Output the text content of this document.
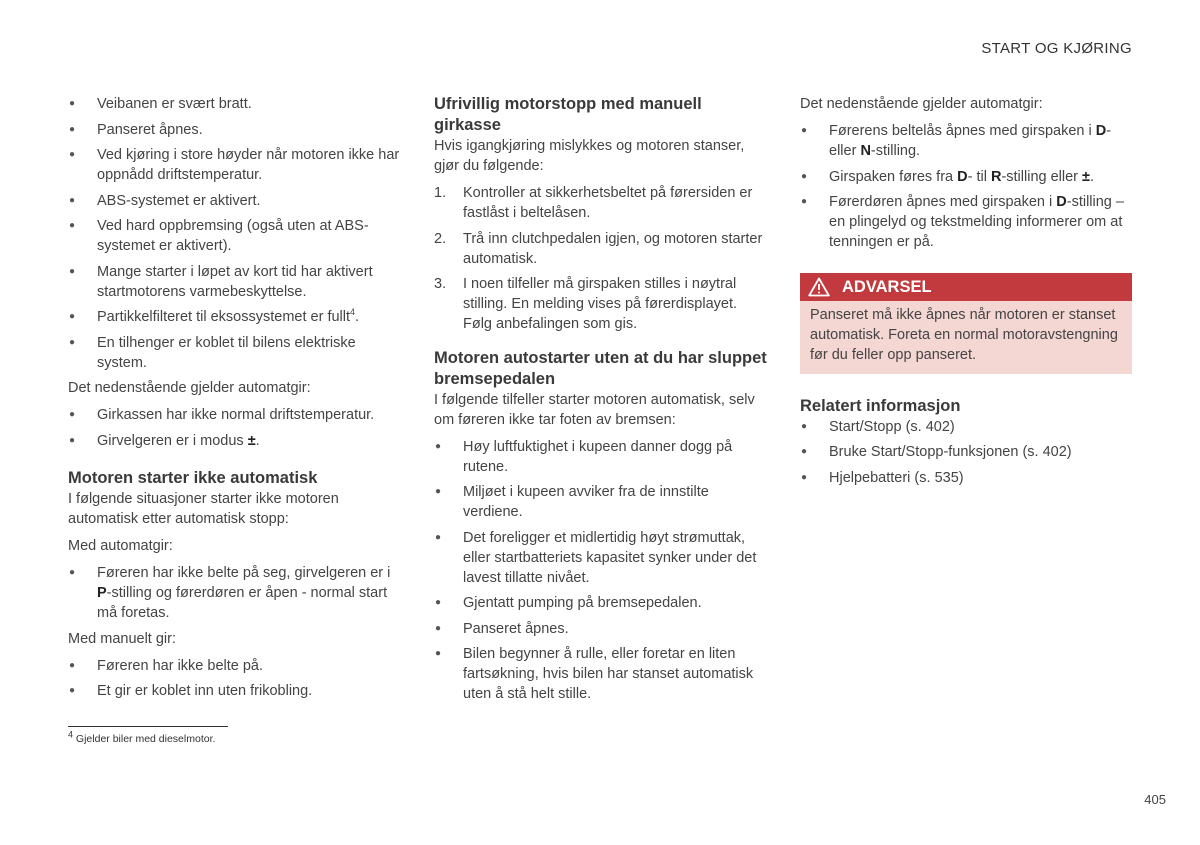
START OG KJØRING
● Veibanen er svært bratt.
● Panseret åpnes.
● Ved kjøring i store høyder når motoren ikke har oppnådd driftstemperatur.
● ABS-systemet er aktivert.
● Ved hard oppbremsing (også uten at ABS-systemet er aktivert).
● Mange starter i løpet av kort tid har aktivert startmotorens varmebeskyttelse.
● Partikkelfilteret til eksossystemet er fullt$^4$.
● En tilhenger er koblet til bilens elektriske system.

Det nedenstående gjelder automatgir:

● Girkassen har ikke normal driftstemperatur.
● Girvelgeren er i modus ±.
Motoren starter ikke automatisk

I følgende situasjoner starter ikke motoren automatisk etter automatisk stopp:

Med automatgir:

● Føreren har ikke belte på seg, girvelgeren er i P-stilling og førerdøren er åpen - normal start må foretas.

Med manuelt gir:

● Føreren har ikke belte på.
● Et gir er koblet inn uten frikobling.
Ufrivillig motorstopp med manuell girkasse

Hvis igangkjøring mislykkes og motoren stanser, gjør du følgende:

1. Kontroller at sikkerhetsbeltet på førersiden er fastlåst i beltelåsen.
2. Trå inn clutchpedalen igjen, og motoren starter automatisk.
3. I noen tilfeller må girspaken stilles i nøytral stilling. En melding vises på førerdisplayet. Følg anbefalingen som gis.
Motoren autostarter uten at du har sluppet bremsepedalen

I følgende tilfeller starter motoren automatisk, selv om føreren ikke tar foten av bremsen:

● Høy luftfuktighet i kupeen danner dogg på rutene.
● Miljøet i kupeen avviker fra de innstilte verdiene.
● Det foreligger et midlertidig høyt strømuttak, eller startbatteriets kapasitet synker under det lavest tillatte nivået.
● Gjentatt pumping på bremsepedalen.
● Panseret åpnes.
● Bilen begynner å rulle, eller foretar en liten fartsøkning, hvis bilen har stanset automatisk uten å stå helt stille.

Det nedenstående gjelder automatgir:

● Førerens beltelås åpnes med girspaken i D- eller N-stilling.
● Girspaken føres fra D- til R-stilling eller ±.
● Førerdøren åpnes med girspaken i D-stilling – en plingelyd og tekstmelding informerer om at tenningen er på.
ADVARSEL
Panseret må ikke åpnes når motoren er stanset automatisk. Foreta en normal motoravstengning før du feller opp panseret.
Relatert informasjon
● Start/Stopp (s. 402)
● Bruke Start/Stopp-funksjonen (s. 402)
● Hjelpebatteri (s. 535)
$^4$ Gjelder biler med dieselmotor.
405
